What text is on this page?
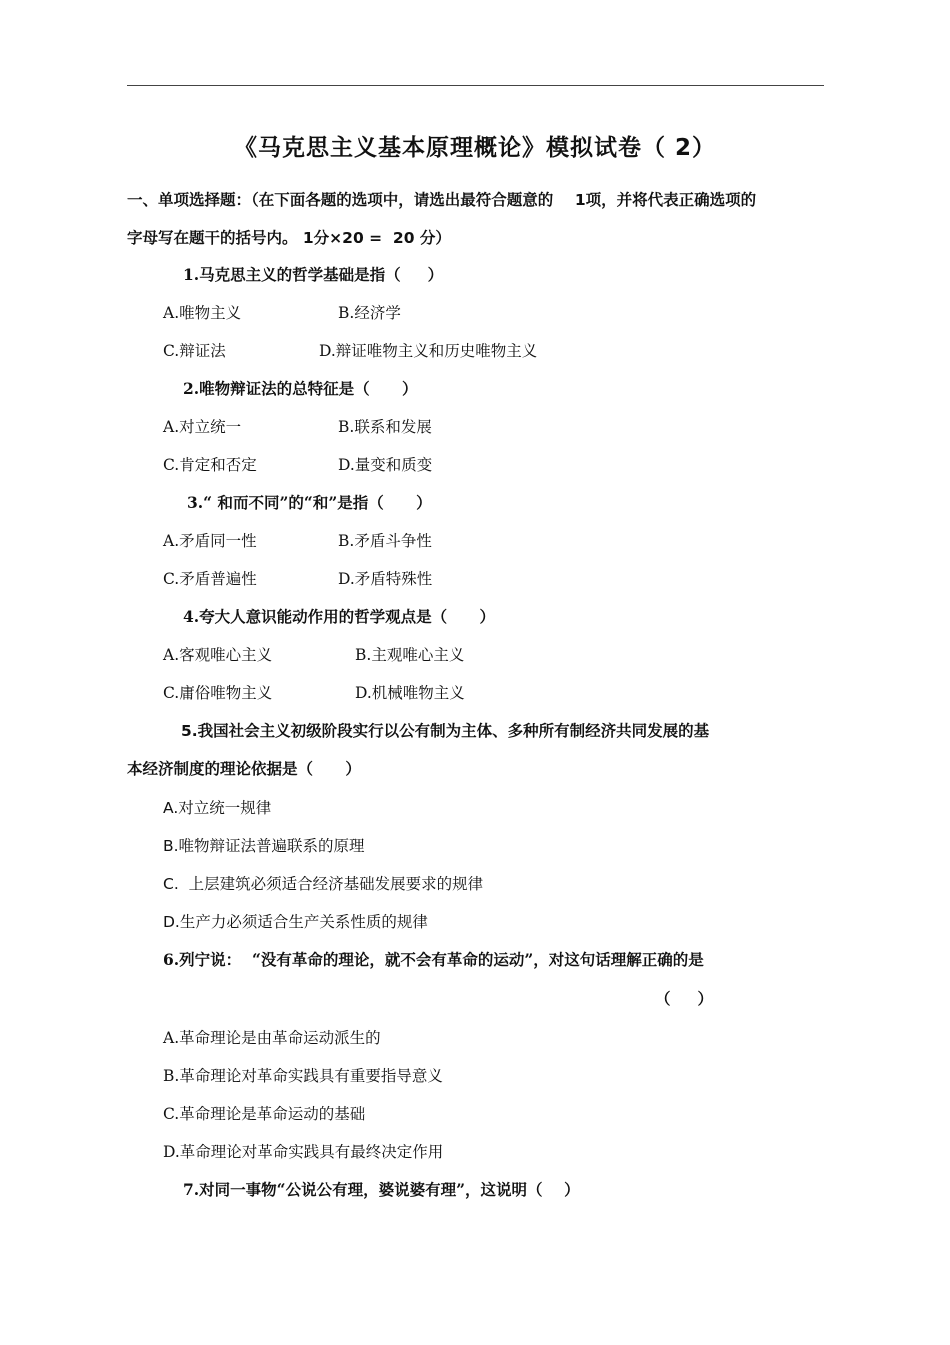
《马克思主义基本原理概论》模拟试卷（ 2）
一、单项选择题：（在下面各题的选项中，请选出最符合题意的    1项，并将代表正确选项的
字母写在题干的括号内。 1分×20 =  20 分）
1.马克思主义的哲学基础是指（     ）
A.唯物主义	B.经济学
C.辩证法	D.辩证唯物主义和历史唯物主义
2.唯物辩证法的总特征是（      ）
A.对立统一	B.联系和发展
C.肯定和否定	D.量变和质变
3.“ 和而不同”的“和”是指（      ）
A.矛盾同一性	B.矛盾斗争性
C.矛盾普遍性	D.矛盾特殊性
4.夸大人意识能动作用的哲学观点是（      ）
A.客观唯心主义	B.主观唯心主义
C.庸俗唯物主义	D.机械唯物主义
5.我国社会主义初级阶段实行以公有制为主体、多种所有制经济共同发展的基
本经济制度的理论依据是（      ）
A.对立统一规律
B.唯物辩证法普遍联系的原理
C.  上层建筑必须适合经济基础发展要求的规律
D.生产力必须适合生产关系性质的规律
6.列宁说：  “没有革命的理论，就不会有革命的运动”，对这句话理解正确的是
（     ）
A.革命理论是由革命运动派生的
B.革命理论对革命实践具有重要指导意义
C.革命理论是革命运动的基础
D.革命理论对革命实践具有最终决定作用
7.对同一事物“公说公有理，婆说婆有理”，这说明（    ）
